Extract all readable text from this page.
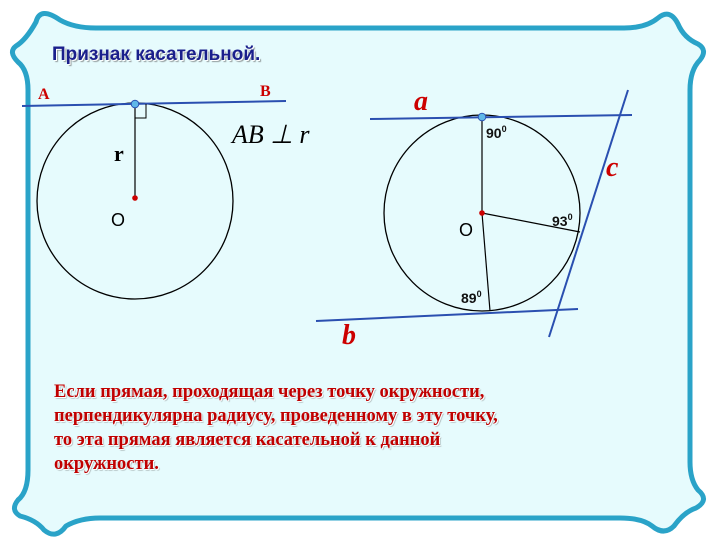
A	B
r
O
AB ⊥ r
a
b
c
O
$90^0$
$93^0$
$89^0$
Признак касательной.
Если прямая, проходящая через точку окружности,
перпендикулярна радиусу, проведенному в эту точку,
то эта прямая является касательной к данной
окружности.
